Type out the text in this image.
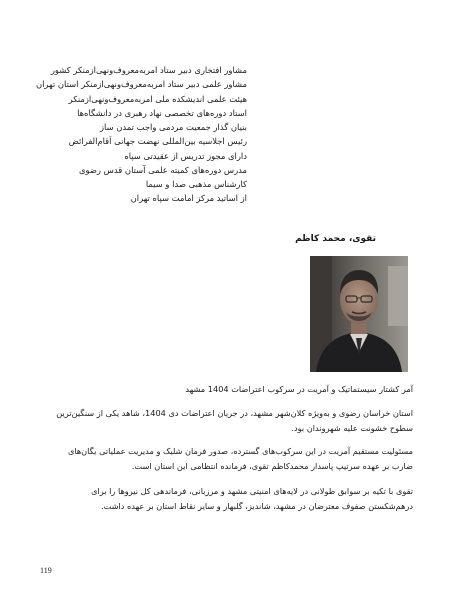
مشاور افتخاری دبیر ستاد امربه‌معروف‌ونهی‌ازمنکر کشور
مشاور علمی دبیر ستاد امربه‌معروف‌ونهی‌ازمنکر استان تهران
هیئت علمی اندیشکده ملی امربه‌معروف‌ونهی‌ازمنکر
استاد دوره‌های تخصصی نهاد رهبری در دانشگاه‌ها
بنیان گذار جمعیت مردمی واجب تمدن ساز
رئیس اجلاسیه بین‌المللی نهضت جهانی اَقام‌الفرائض
دارای مجوز تدریس از عقیدتی سپاه
مدرس دوره‌های کمیته علمی آستان قدس رضوی
کارشناس مذهبی صدا و سیما
از اساتید مرکز امامت سپاه تهران
تقوی، محمد کاظم
آمر کشتار سیستماتیک و آمریت در سرکوب اعتراضات 1404 مشهد
استان خراسان رضوی و به‌ویژه کلان‌شهر مشهد، در جریان اعتراضات دی 1404، شاهد یکی از سنگین‌ترین سطوح خشونت علیه شهروندان بود.
مسئولیت مستقیم آمریت در این سرکوب‌های گسترده، صدور فرمان شلیک و مدیریت عملیاتی یگان‌های ضارب بر عهده سرتیپ پاسدار محمدکاظم تقوی، فرمانده انتظامی این استان است.
تقوی با تکیه بر سوابق طولانی در لایه‌های امنیتی مشهد و مرزبانی، فرماندهی کل نیروها را برای درهم‌شکستن صفوف معترضان در مشهد، شاندیز، گلبهار و سایر نقاط استان بر عهده داشت.
119
